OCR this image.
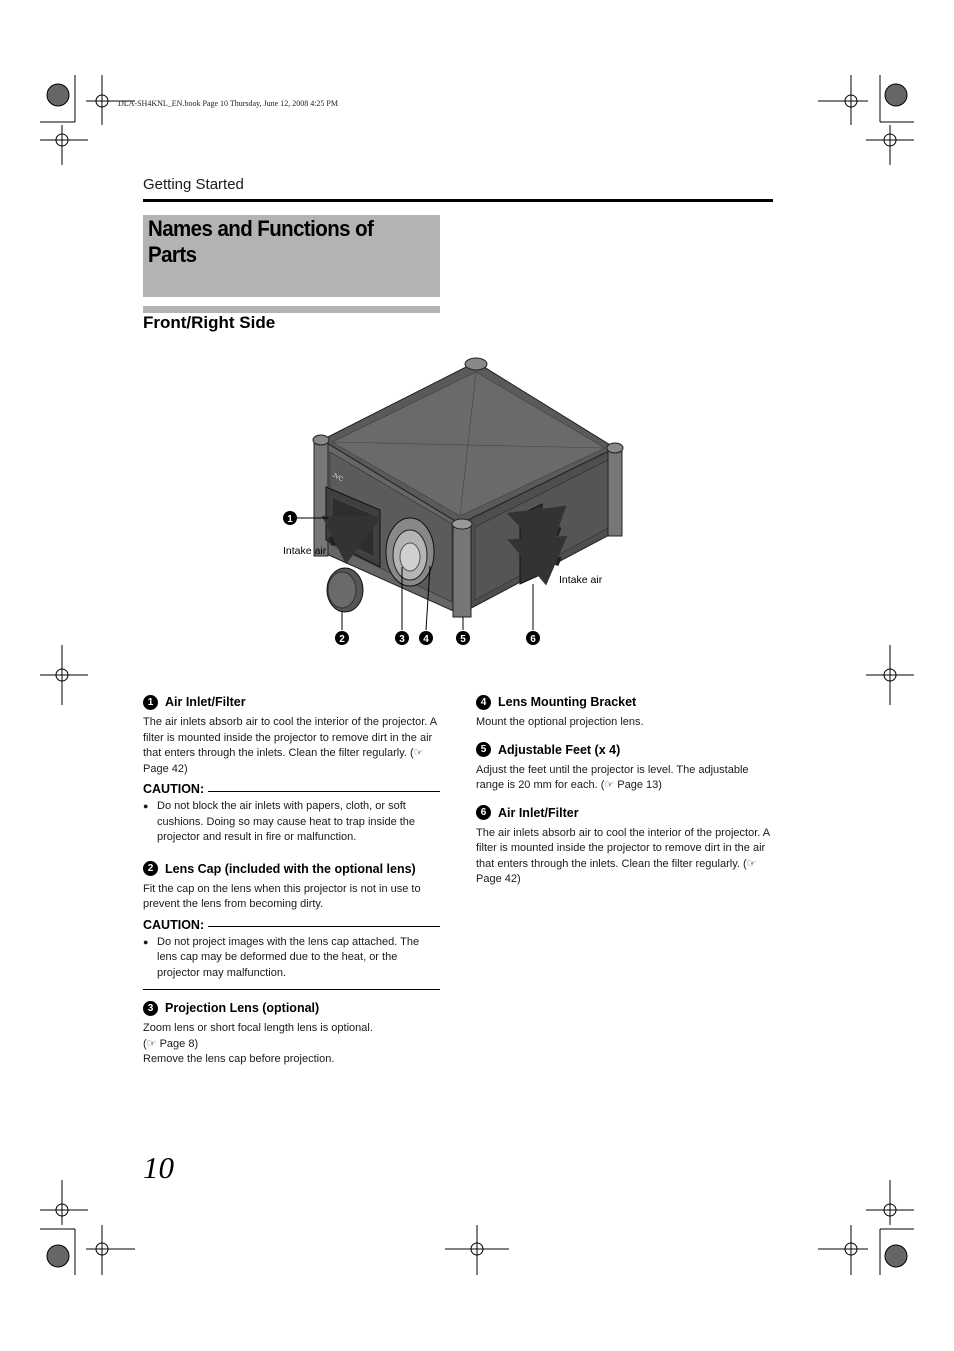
DLA-SH4KNL_EN.book Page 10 Thursday, June 12, 2008 4:25 PM
Getting Started
Names and Functions of Parts
Front/Right Side
JVC
1
2	3 4	5	6
Intake air
Intake air
1 Air Inlet/Filter
The air inlets absorb air to cool the interior of the projector. A filter is mounted inside the projector to remove dirt in the air that enters through the inlets. Clean the filter regularly. (☞ Page 42)
CAUTION:
● Do not block the air inlets with papers, cloth, or soft cushions. Doing so may cause heat to trap inside the projector and result in fire or malfunction.
2 Lens Cap (included with the optional lens)
Fit the cap on the lens when this projector is not in use to prevent the lens from becoming dirty.
CAUTION:
● Do not project images with the lens cap attached. The lens cap may be deformed due to the heat, or the projector may malfunction.
3 Projection Lens (optional)
Zoom lens or short focal length lens is optional.
(☞ Page 8)
Remove the lens cap before projection.
4 Lens Mounting Bracket
Mount the optional projection lens.
5 Adjustable Feet (x 4)
Adjust the feet until the projector is level. The adjustable range is 20 mm for each. (☞ Page 13)
6 Air Inlet/Filter
The air inlets absorb air to cool the interior of the projector. A filter is mounted inside the projector to remove dirt in the air that enters through the inlets. Clean the filter regularly. (☞ Page 42)
10
